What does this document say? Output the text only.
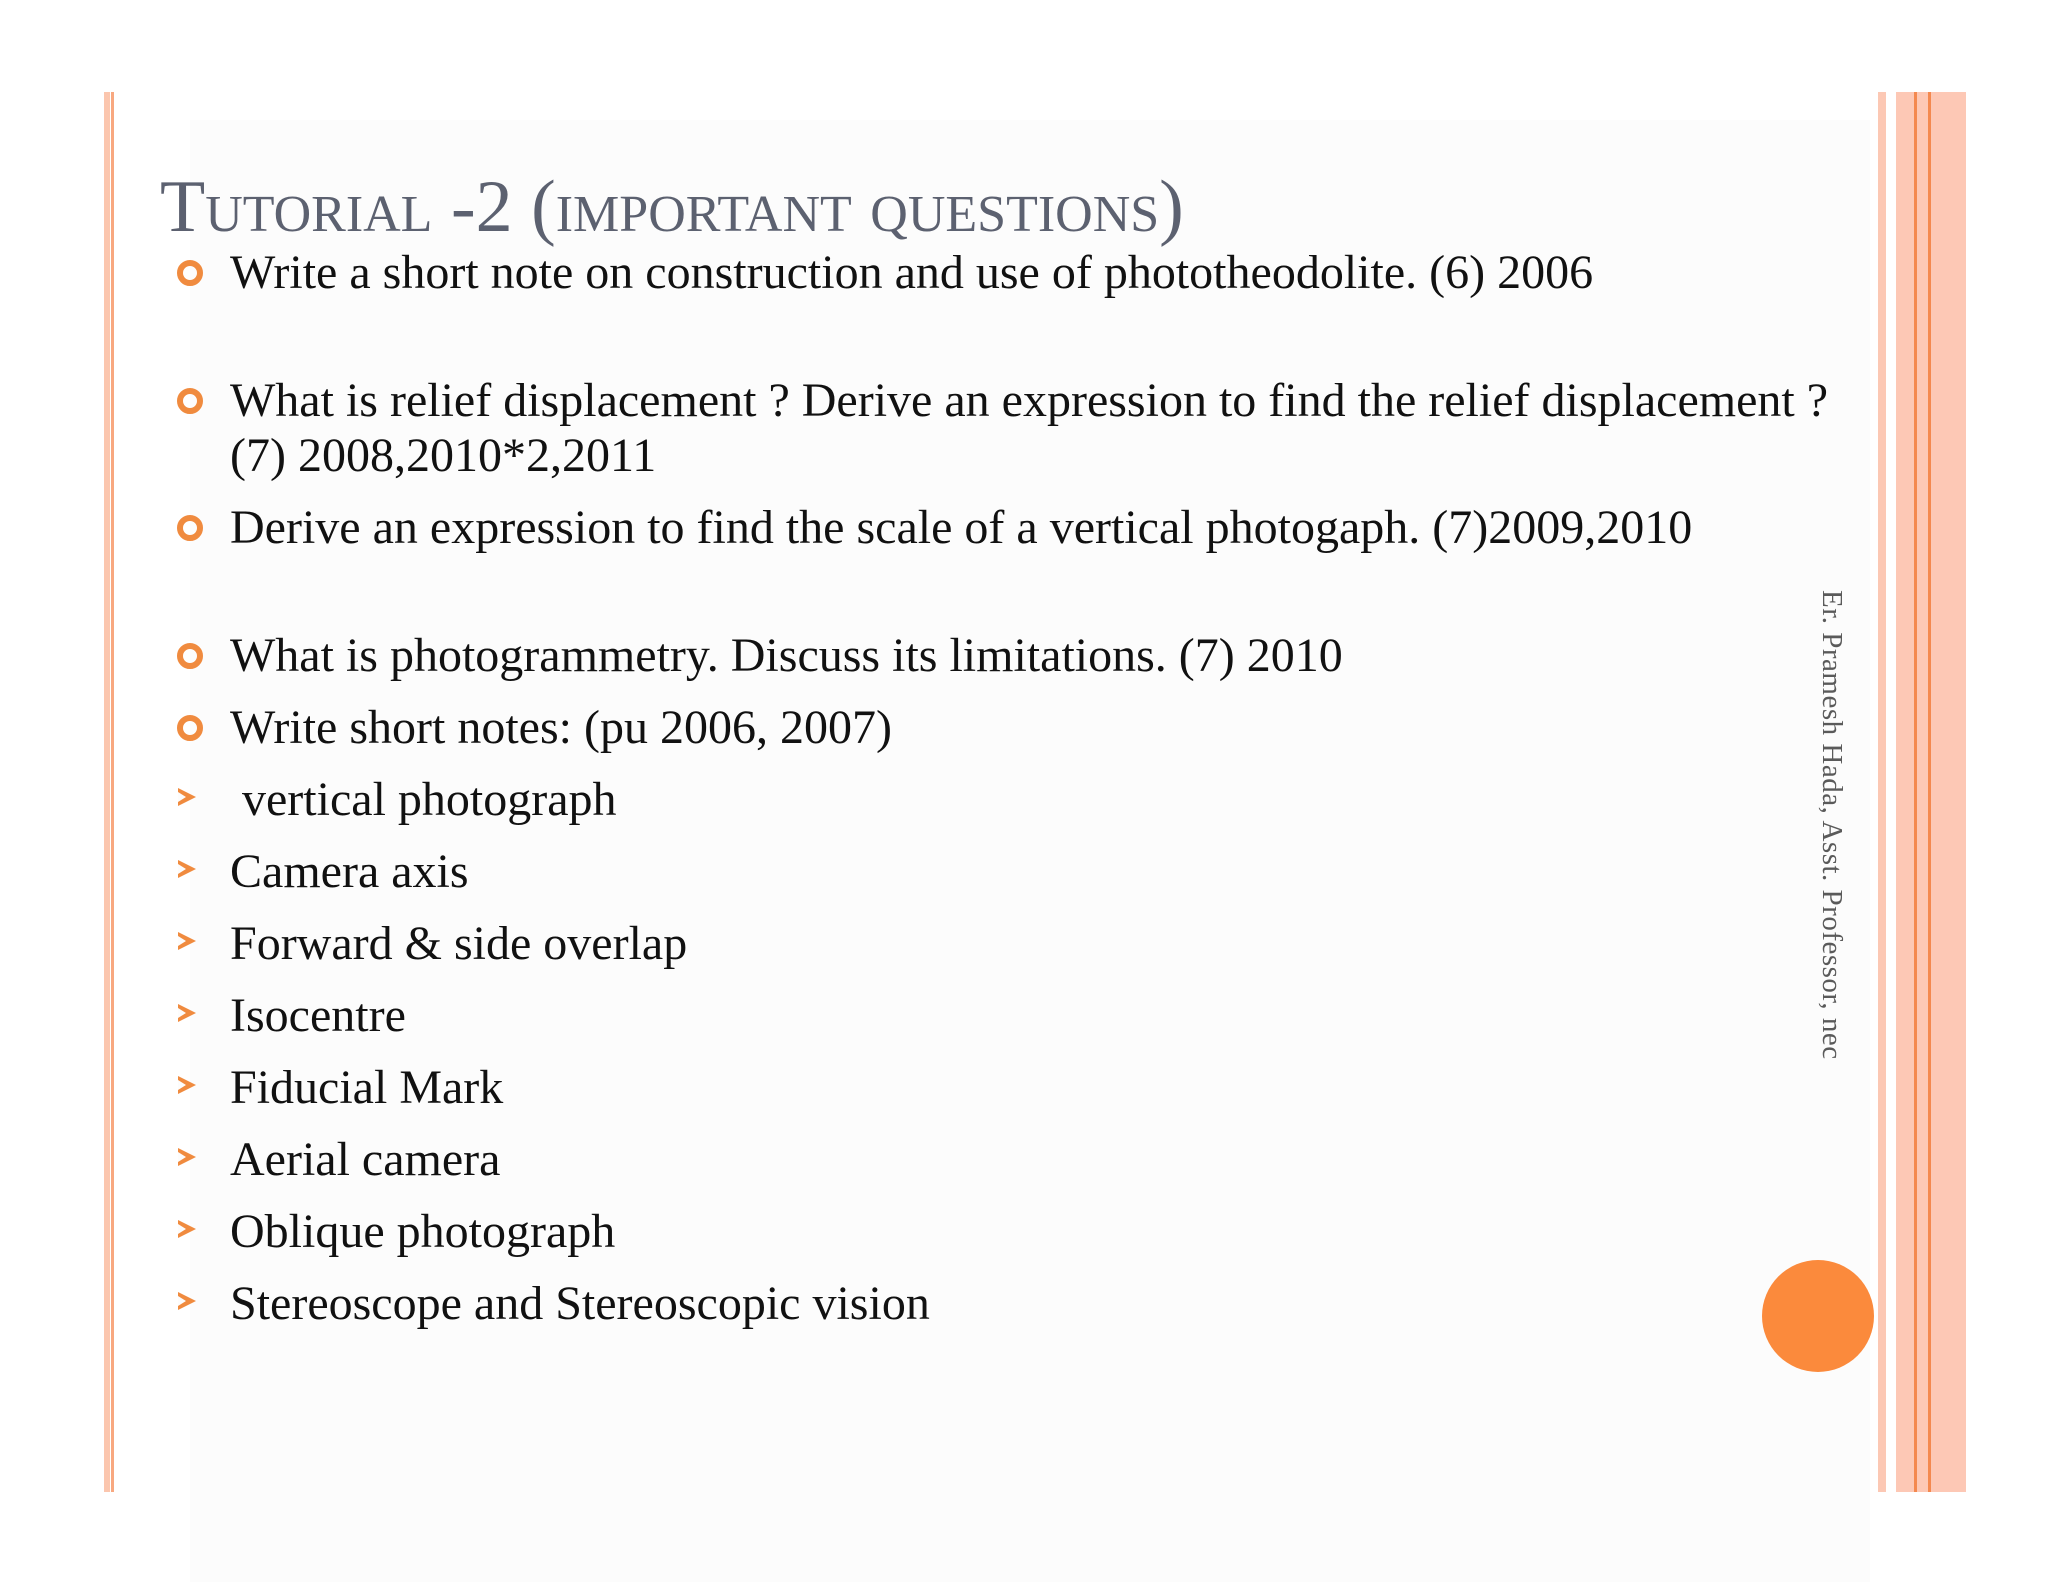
Er. Pramesh Hada, Asst. Professor, nec
Tutorial -2 (important questions)
Write a short note on construction and use of phototheodolite. (6) 2006
What is relief displacement ? Derive an expression to find the relief displacement ? (7) 2008,2010*2,2011
Derive an expression to find the scale of a vertical photogaph. (7)2009,2010
What is photogrammetry. Discuss its limitations. (7) 2010
Write short notes: (pu 2006, 2007)
vertical photograph
Camera axis
Forward & side overlap
Isocentre
Fiducial Mark
Aerial camera
Oblique photograph
Stereoscope and Stereoscopic vision
